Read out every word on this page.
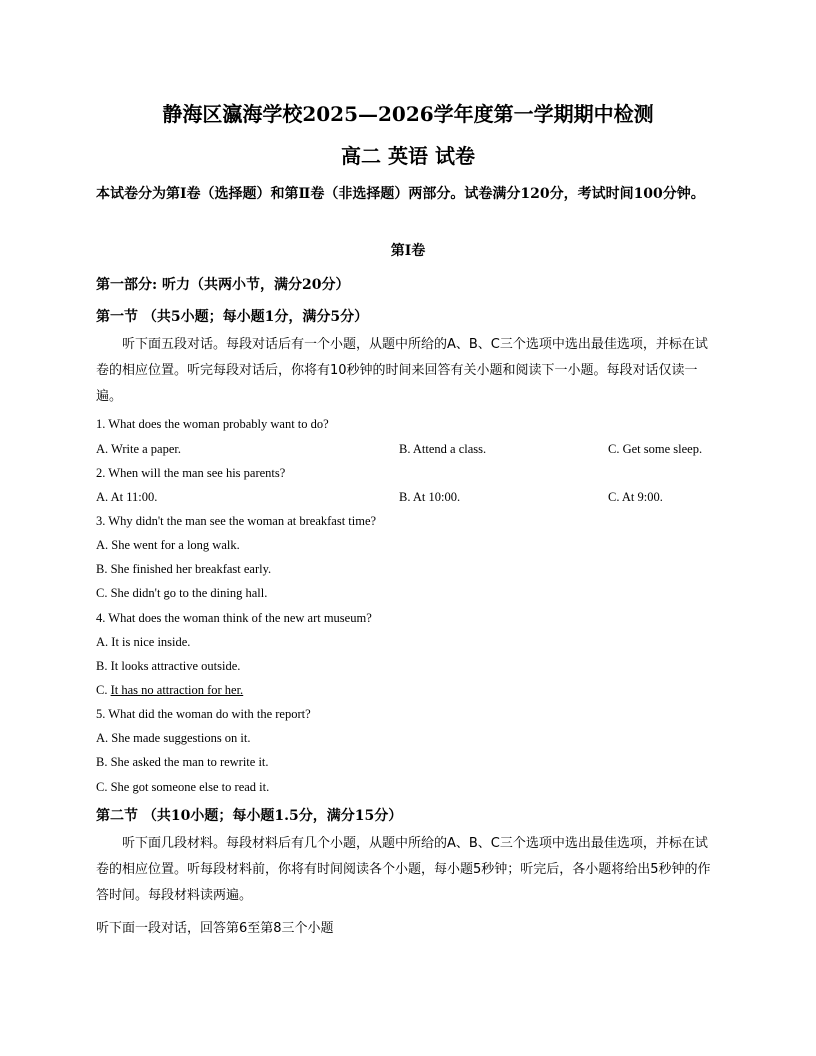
静海区瀛海学校2025—2026学年度第一学期期中检测
高二 英语 试卷
本试卷分为第Ⅰ卷（选择题）和第Ⅱ卷（非选择题）两部分。试卷满分120分，考试时间100分钟。
第Ⅰ卷
第一部分: 听力（共两小节，满分20分）
第一节 （共5小题；每小题1分，满分5分）
听下面五段对话。每段对话后有一个小题，从题中所给的A、B、C三个选项中选出最佳选项，并标在试卷的相应位置。听完每段对话后，你将有10秒钟的时间来回答有关小题和阅读下一小题。每段对话仅读一遍。
1. What does the woman probably want to do?
A. Write a paper.	B. Attend a class.	C. Get some sleep.
2. When will the man see his parents?
A. At 11:00.	B. At 10:00.	C. At 9:00.
3. Why didn't the man see the woman at breakfast time?
A. She went for a long walk.
B. She finished her breakfast early.
C. She didn't go to the dining hall.
4. What does the woman think of the new art museum?
A. It is nice inside.
B. It looks attractive outside.
C. It has no attraction for her.
5. What did the woman do with the report?
A. She made suggestions on it.
B. She asked the man to rewrite it.
C. She got someone else to read it.
第二节 （共10小题；每小题1.5分，满分15分）
听下面几段材料。每段材料后有几个小题，从题中所给的A、B、C三个选项中选出最佳选项，并标在试卷的相应位置。听每段材料前，你将有时间阅读各个小题，每小题5秒钟；听完后，各小题将给出5秒钟的作答时间。每段材料读两遍。
听下面一段对话，回答第6至第8三个小题
